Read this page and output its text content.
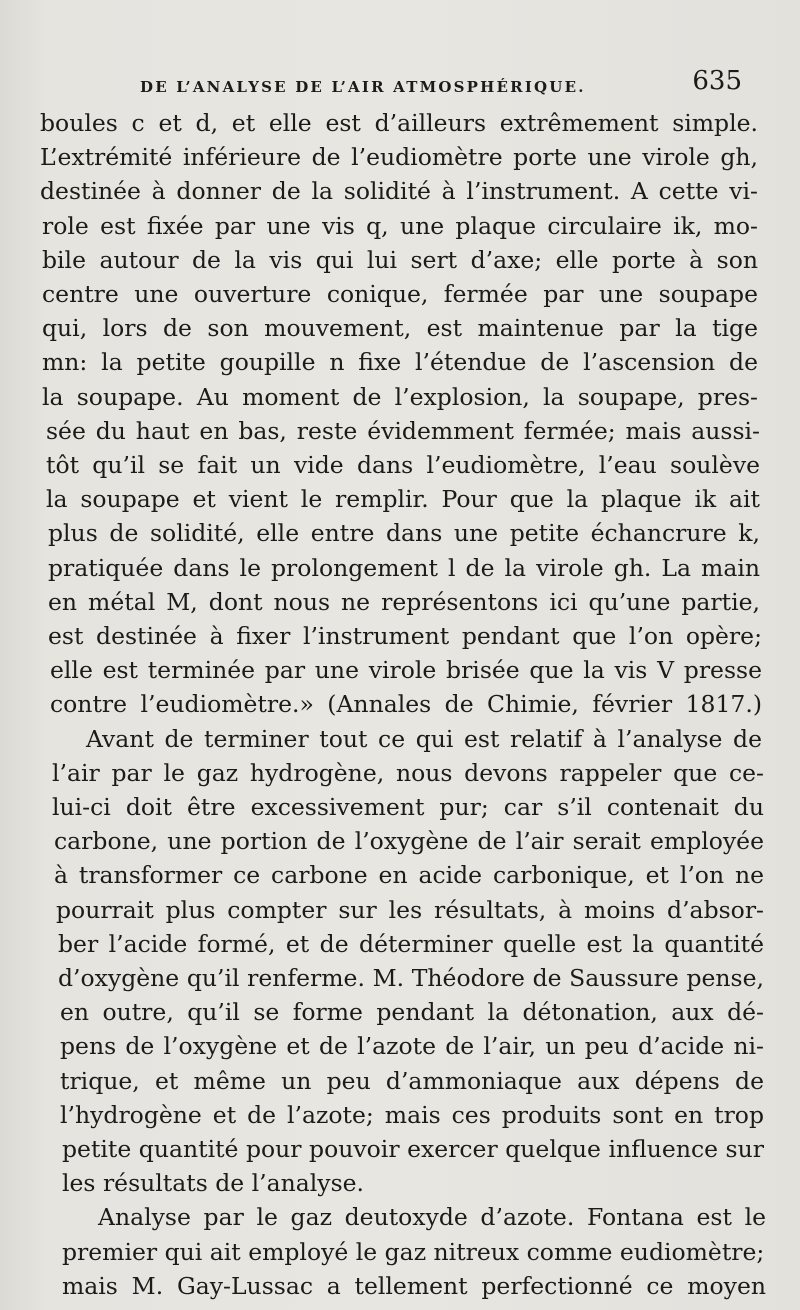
DE L’ANALYSE DE L’AIR ATMOSPHÉRIQUE.	635
boules c et d, et elle est d’ailleurs extrêmement simple.
L’extrémité inférieure de l’eudiomètre porte une virole gh,
destinée à donner de la solidité à l’instrument. A cette vi-
role est fixée par une vis q, une plaque circulaire ik, mo-
bile autour de la vis qui lui sert d’axe; elle porte à son
centre une ouverture conique, fermée par une soupape
qui, lors de son mouvement, est maintenue par la tige
mn: la petite goupille n fixe l’étendue de l’ascension de
la soupape. Au moment de l’explosion, la soupape, pres-
sée du haut en bas, reste évidemment fermée; mais aussi-
tôt qu’il se fait un vide dans l’eudiomètre, l’eau soulève
la soupape et vient le remplir. Pour que la plaque ik ait
plus de solidité, elle entre dans une petite échancrure k,
pratiquée dans le prolongement l de la virole gh. La main
en métal M, dont nous ne représentons ici qu’une partie,
est destinée à fixer l’instrument pendant que l’on opère;
elle est terminée par une virole brisée que la vis V presse
contre l’eudiomètre.» (Annales de Chimie, février 1817.)
Avant de terminer tout ce qui est relatif à l’analyse de
l’air par le gaz hydrogène, nous devons rappeler que ce-
lui-ci doit être excessivement pur; car s’il contenait du
carbone, une portion de l’oxygène de l’air serait employée
à transformer ce carbone en acide carbonique, et l’on ne
pourrait plus compter sur les résultats, à moins d’absor-
ber l’acide formé, et de déterminer quelle est la quantité
d’oxygène qu’il renferme. M. Théodore de Saussure pense,
en outre, qu’il se forme pendant la détonation, aux dé-
pens de l’oxygène et de l’azote de l’air, un peu d’acide ni-
trique, et même un peu d’ammoniaque aux dépens de
l’hydrogène et de l’azote; mais ces produits sont en trop
petite quantité pour pouvoir exercer quelque influence sur
les résultats de l’analyse.
Analyse par le gaz deutoxyde d’azote. Fontana est le
premier qui ait employé le gaz nitreux comme eudiomètre;
mais M. Gay-Lussac a tellement perfectionné ce moyen
